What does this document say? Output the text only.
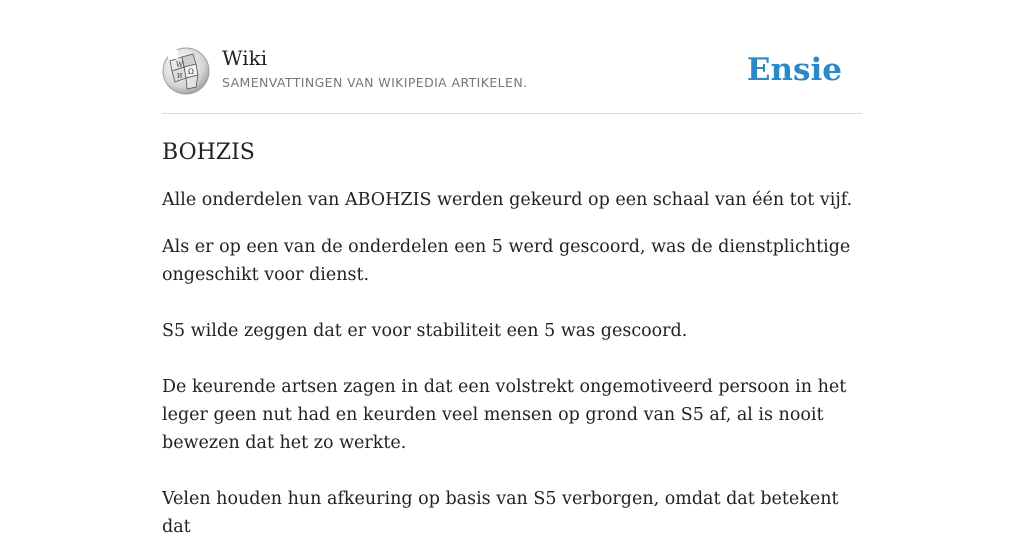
W
Ω
И
Wiki
SAMENVATTINGEN VAN WIKIPEDIA ARTIKELEN.	Ensie
BOHZIS

Alle onderdelen van ABOHZIS werden gekeurd op een schaal van één tot vijf.

Als er op een van de onderdelen een 5 werd gescoord, was de dienstplichtige
ongeschikt voor dienst.

S5 wilde zeggen dat er voor stabiliteit een 5 was gescoord.

De keurende artsen zagen in dat een volstrekt ongemotiveerd persoon in het
leger geen nut had en keurden veel mensen op grond van S5 af, al is nooit
bewezen dat het zo werkte.

Velen houden hun afkeuring op basis van S5 verborgen, omdat dat betekent dat
